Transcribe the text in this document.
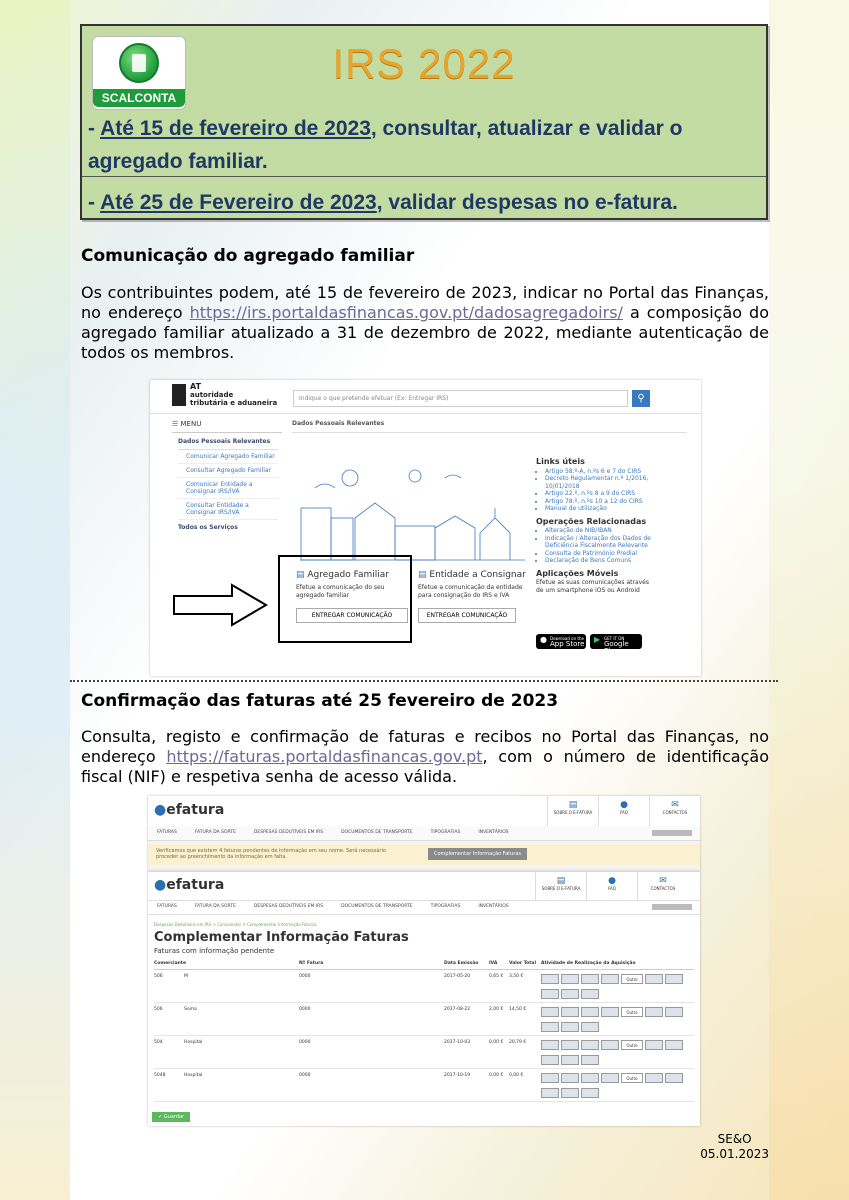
SCALCONTA
IRS 2022
- Até 15 de fevereiro de 2023, consultar, atualizar e validar o
agregado familiar.
- Até 25 de Fevereiro de 2023, validar despesas no e-fatura.
Comunicação do agregado familiar

Os contribuintes podem, até 15 de fevereiro de 2023, indicar no Portal das Finanças, no endereço https://irs.portaldasfinancas.gov.pt/dadosagregadoirs/ a composição do agregado familiar atualizado a 31 de dezembro de 2022, mediante autenticação de todos os membros.

AT
autoridade
tributária e aduaneira
Indique o que pretende efetuar (Ex: Entregar IRS)	⚲
☰ MENU	Dados Pessoais Relevantes
Dados Pessoais Relevantes
Comunicar Agregado Familiar
Consultar Agregado Familiar
Comunicar Entidade a Consignar IRS/IVA
Consultar Entidade a Consignar IRS/IVA
Todos os Serviços
▤ Agregado Familiar
Efetue a comunicação do seu agregado familiar
ENTREGAR COMUNICAÇÃO
▤ Entidade a Consignar
Efetue a comunicação da entidade para consignação do IRS e IVA
ENTREGAR COMUNICAÇÃO
Links úteis
• Artigo 58.º-A, n.ºs 6 e 7 do CIRS
• Decreto Regulamentar n.º 1/2016, 10/01/2018
• Artigo 22.º, n.ºs 8 a 9 do CIRS
• Artigo 78.º, n.ºs 10 a 12 do CIRS
• Manual de utilização
Operações Relacionadas
• Alteração de NIB/IBAN
• Indicação / Alteração dos Dados de Deficiência Fiscalmente Relevante
• Consulta de Património Predial
• Declaração de Bens Comuns
Aplicações Móveis
Efetue as suas comunicações através de um smartphone iOS ou Android
● Download on the
App Store ▶ GET IT ON
Google Play
Confirmação das faturas até 25 fevereiro de 2023

Consulta, registo e confirmação de faturas e recibos no Portal das Finanças, no endereço https://faturas.portaldasfinancas.gov.pt, com o número de identificação fiscal (NIF) e respetiva senha de acesso válida.

●efatura	▤
SOBRE O E-FATURA
●
FAQ
✉
CONTACTOS
FATURAS	FATURA DA SORTE	DESPESAS DEDUTÍVEIS EM IRS	DOCUMENTOS DE TRANSPORTE	TIPOGRAFIAS	INVENTÁRIOS
Verificamos que existem 4 faturas pendentes de informação em seu nome. Será necessário proceder ao preenchimento da informação em falta.	Complementar Informação Faturas
●efatura	▤
SOBRE O E-FATURA
●
FAQ
✉
CONTACTOS
FATURAS	FATURA DA SORTE	DESPESAS DEDUTÍVEIS EM IRS	DOCUMENTOS DE TRANSPORTE	TIPOGRAFIAS	INVENTÁRIOS
Despesas Dedutíveis em IRS > Consumidor > Complementar Informação Faturas
Complementar Informação Faturas
Faturas com informação pendente
Comerciante	Nº Fatura	Data Emissão	IVA	Valor Total	Atividade de Realização da Aquisição
506	M	0000	2017-05-20	0,65 €	3,50 €
Outro
506	Soma	0000	2017-08-22	2,00 €	14,50 €
Outro
504	Hospital	0000	2017-10-03	0,00 €	20,79 €
Outro
5048	Hospital	0000	2017-10-19	0,00 €	0,00 €
Outro
✓ Guardar
SE&O
05.01.2023
